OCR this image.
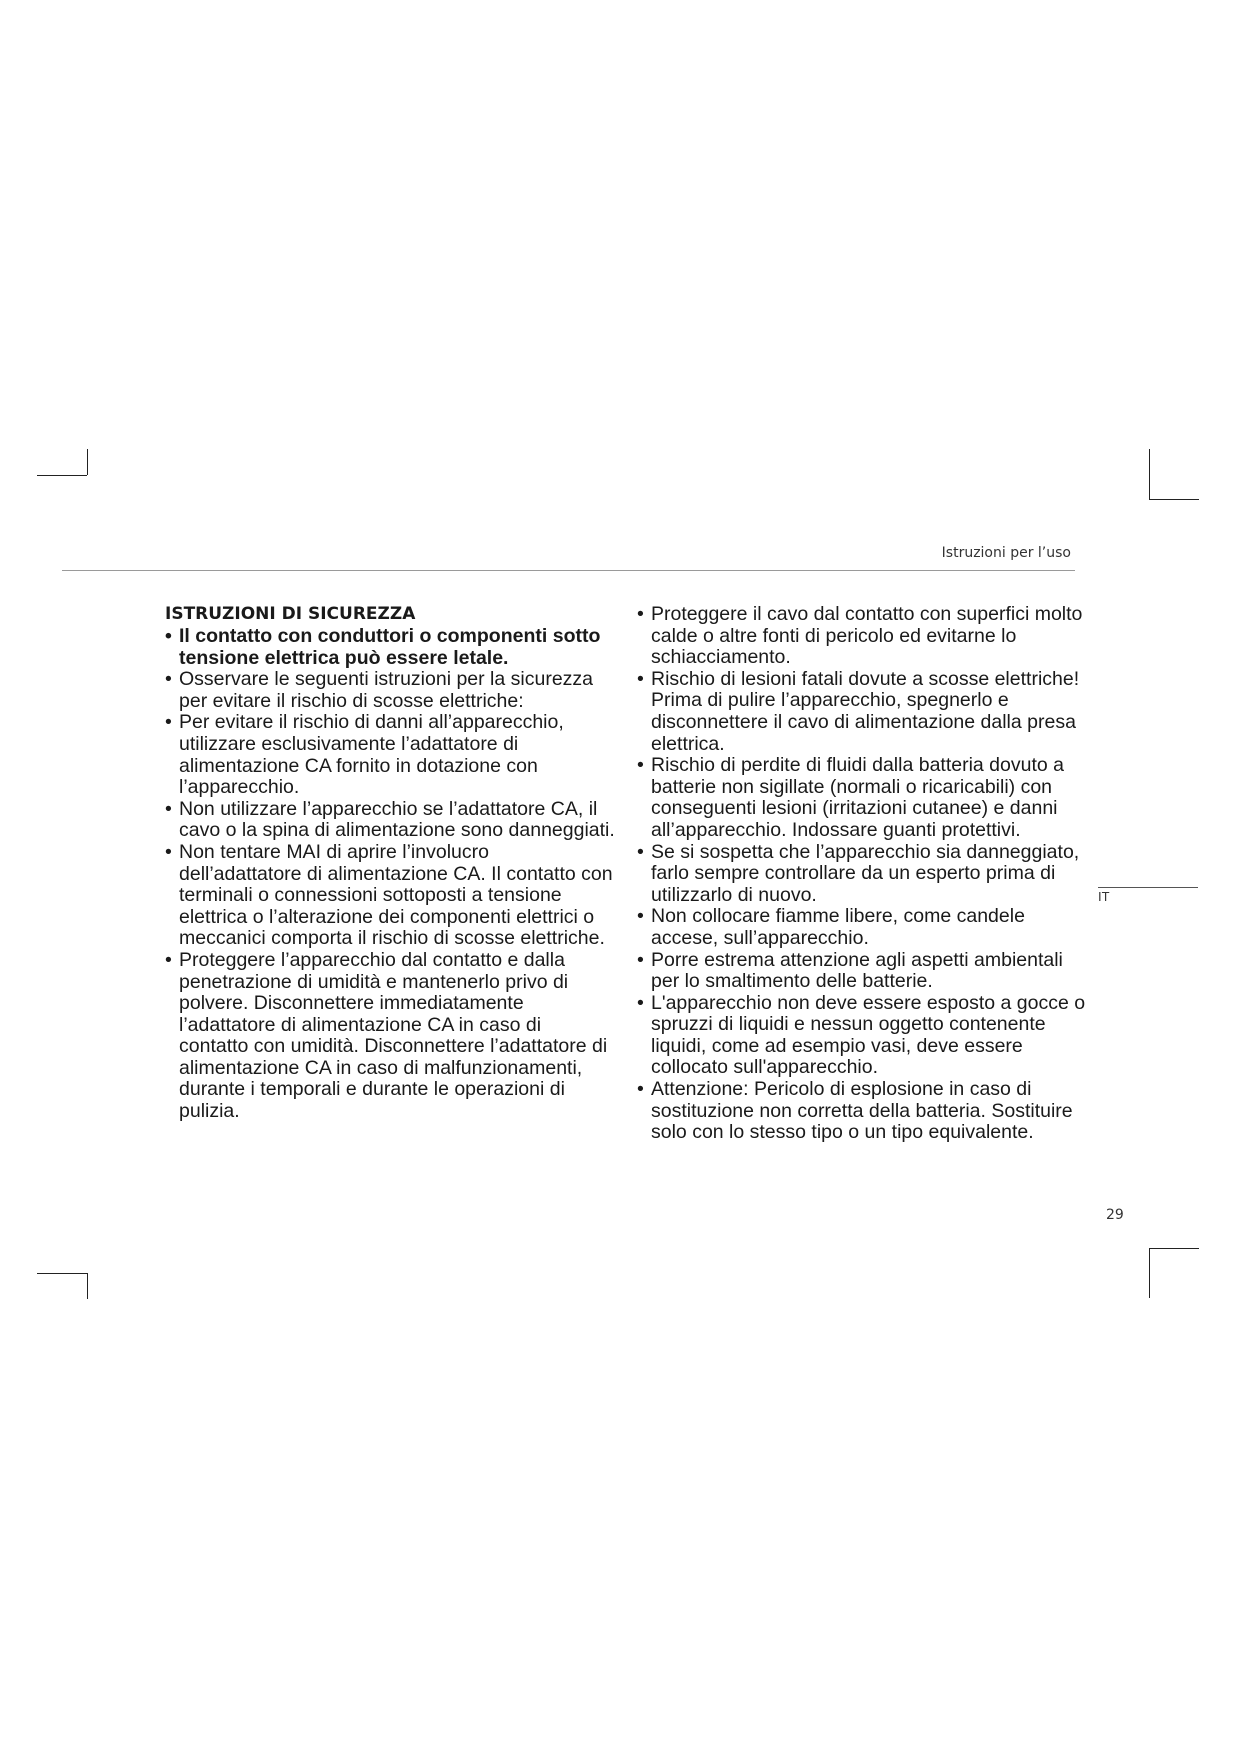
Istruzioni per l’uso
ISTRUZIONI DI SICUREZZA
• Il contatto con conduttori o componenti sotto tensione elettrica può essere letale.
• Osservare le seguenti istruzioni per la sicurezza per evitare il rischio di scosse elettriche:
• Per evitare il rischio di danni all’apparecchio, utilizzare esclusivamente l’adattatore di alimentazione CA fornito in dotazione con l’apparecchio.
• Non utilizzare l’apparecchio se l’adattatore CA, il cavo o la spina di alimentazione sono danneggiati.
• Non tentare MAI di aprire l’involucro dell’adattatore di alimentazione CA. Il contatto con terminali o connessioni sottoposti a tensione elettrica o l’alterazione dei componenti elettrici o meccanici comporta il rischio di scosse elettriche.
• Proteggere l’apparecchio dal contatto e dalla penetrazione di umidità e mantenerlo privo di polvere. Disconnettere immediatamente l’adattatore di alimentazione CA in caso di contatto con umidità. Disconnettere l’adattatore di alimentazione CA in caso di malfunzionamenti, durante i temporali e durante le operazioni di pulizia.
• Proteggere il cavo dal contatto con superfici molto calde o altre fonti di pericolo ed evitarne lo schiacciamento.
• Rischio di lesioni fatali dovute a scosse elettriche! Prima di pulire l’apparecchio, spegnerlo e disconnettere il cavo di alimentazione dalla presa elettrica.
• Rischio di perdite di fluidi dalla batteria dovuto a batterie non sigillate (normali o ricaricabili) con conseguenti lesioni (irritazioni cutanee) e danni all’apparecchio. Indossare guanti protettivi.
• Se si sospetta che l’apparecchio sia danneggiato, farlo sempre controllare da un esperto prima di utilizzarlo di nuovo.
• Non collocare fiamme libere, come candele accese, sull’apparecchio.
• Porre estrema attenzione agli aspetti ambientali per lo smaltimento delle batterie.
• L'apparecchio non deve essere esposto a gocce o spruzzi di liquidi e nessun oggetto contenente liquidi, come ad esempio vasi, deve essere collocato sull'apparecchio.
• Attenzione: Pericolo di esplosione in caso di sostituzione non corretta della batteria. Sostituire solo con lo stesso tipo o un tipo equivalente.
IT
29
